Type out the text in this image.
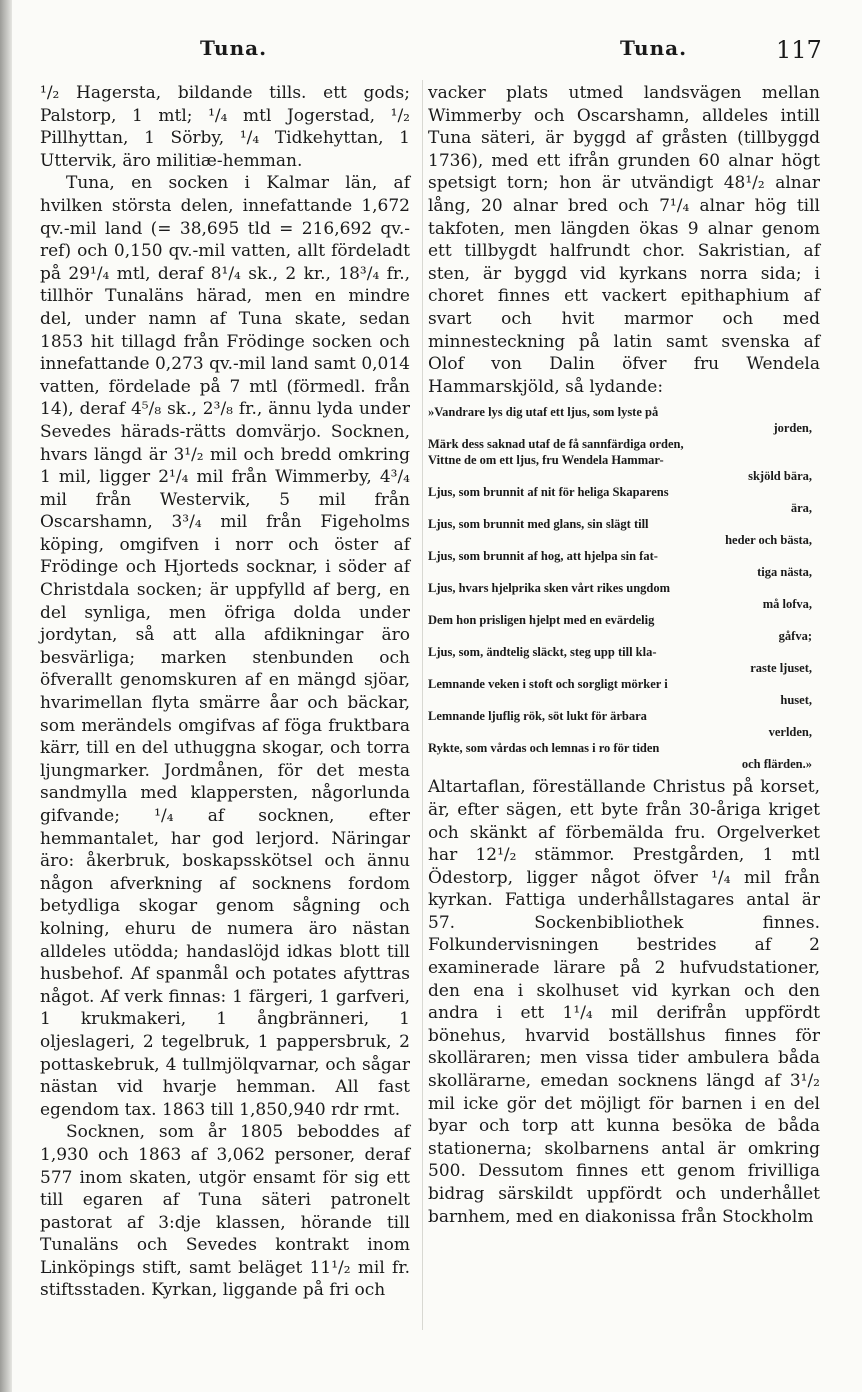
Tuna.	Tuna.	117

¹/₂ Hagersta, bildande tills. ett gods; Palstorp, 1 mtl; ¹/₄ mtl Jogerstad, ¹/₂ Pillhyttan, 1 Sörby, ¹/₄ Tidkehyttan, 1 Uttervik, äro militiæ-hemman.

Tuna, en socken i Kalmar län, af hvilken största delen, innefattande 1,672 qv.-mil land (= 38,695 tld = 216,692 qv.-ref) och 0,150 qv.-mil vatten, allt fördeladt på 29¹/₄ mtl, deraf 8¹/₄ sk., 2 kr., 18³/₄ fr., tillhör Tunaläns härad, men en mindre del, under namn af Tuna skate, sedan 1853 hit tillagd från Frödinge socken och innefattande 0,273 qv.-mil land samt 0,014 vatten, fördelade på 7 mtl (förmedl. från 14), deraf 4⁵/₈ sk., 2³/₈ fr., ännu lyda under Sevedes härads-rätts domvärjo. Socknen, hvars längd är 3¹/₂ mil och bredd omkring 1 mil, ligger 2¹/₄ mil från Wimmerby, 4³/₄ mil från Westervik, 5 mil från Oscarshamn, 3³/₄ mil från Figeholms köping, omgifven i norr och öster af Frödinge och Hjorteds socknar, i söder af Christdala socken; är uppfylld af berg, en del synliga, men öfriga dolda under jordytan, så att alla afdikningar äro besvärliga; marken stenbunden och öfverallt genomskuren af en mängd sjöar, hvarimellan flyta smärre åar och bäckar, som merändels omgifvas af föga fruktbara kärr, till en del uthuggna skogar, och torra ljungmarker. Jordmånen, för det mesta sandmylla med klappersten, någorlunda gifvande; ¹/₄ af socknen, efter hemmantalet, har god lerjord. Näringar äro: åkerbruk, boskapsskötsel och ännu någon afverkning af socknens fordom betydliga skogar genom sågning och kolning, ehuru de numera äro nästan alldeles utödda; handaslöjd idkas blott till husbehof. Af spanmål och potates afyttras något. Af verk finnas: 1 färgeri, 1 garfveri, 1 krukmakeri, 1 ångbränneri, 1 oljeslageri, 2 tegelbruk, 1 pappersbruk, 2 pottaskebruk, 4 tullmjölqvarnar, och sågar nästan vid hvarje hemman. All fast egendom tax. 1863 till 1,850,940 rdr rmt.

Socknen, som år 1805 beboddes af 1,930 och 1863 af 3,062 personer, deraf 577 inom skaten, utgör ensamt för sig ett till egaren af Tuna säteri patronelt pastorat af 3:dje klassen, hörande till Tunaläns och Sevedes kontrakt inom Linköpings stift, samt beläget 11¹/₂ mil fr. stiftsstaden. Kyrkan, liggande på fri och

vacker plats utmed landsvägen mellan Wimmerby och Oscarshamn, alldeles intill Tuna säteri, är byggd af gråsten (tillbyggd 1736), med ett ifrån grunden 60 alnar högt spetsigt torn; hon är utvändigt 48¹/₂ alnar lång, 20 alnar bred och 7¹/₄ alnar hög till takfoten, men längden ökas 9 alnar genom ett tillbygdt halfrundt chor. Sakristian, af sten, är byggd vid kyrkans norra sida; i choret finnes ett vackert epithaphium af svart och hvit marmor och med minnesteckning på latin samt svenska af Olof von Dalin öfver fru Wendela Hammarskjöld, så lydande:

»Vandrare lys dig utaf ett ljus, som lyste på
jorden,
Märk dess saknad utaf de få sannfärdiga orden,
Vittne de om ett ljus, fru Wendela Hammar-
skjöld bära,
Ljus, som brunnit af nit för heliga Skaparens
ära,
Ljus, som brunnit med glans, sin slägt till
heder och bästa,
Ljus, som brunnit af hog, att hjelpa sin fat-
tiga nästa,
Ljus, hvars hjelprika sken vårt rikes ungdom
må lofva,
Dem hon prisligen hjelpt med en evärdelig
gåfva;
Ljus, som, ändtelig släckt, steg upp till kla-
raste ljuset,
Lemnande veken i stoft och sorgligt mörker i
huset,
Lemnande ljuflig rök, söt lukt för ärbara
verlden,
Rykte, som vårdas och lemnas i ro för tiden
och flärden.»

Altartaflan, föreställande Christus på korset, är, efter sägen, ett byte från 30-åriga kriget och skänkt af förbemälda fru. Orgelverket har 12¹/₂ stämmor. Prestgården, 1 mtl Ödestorp, ligger något öfver ¹/₄ mil från kyrkan. Fattiga underhållstagares antal är 57. Sockenbibliothek finnes. Folkundervisningen bestrides af 2 examinerade lärare på 2 hufvudstationer, den ena i skolhuset vid kyrkan och den andra i ett 1¹/₄ mil derifrån uppfördt bönehus, hvarvid boställshus finnes för skolläraren; men vissa tider ambulera båda skollärarne, emedan socknens längd af 3¹/₂ mil icke gör det möjligt för barnen i en del byar och torp att kunna besöka de båda stationerna; skolbarnens antal är omkring 500. Dessutom finnes ett genom frivilliga bidrag särskildt uppfördt och underhållet barnhem, med en diakonissa från Stockholm
